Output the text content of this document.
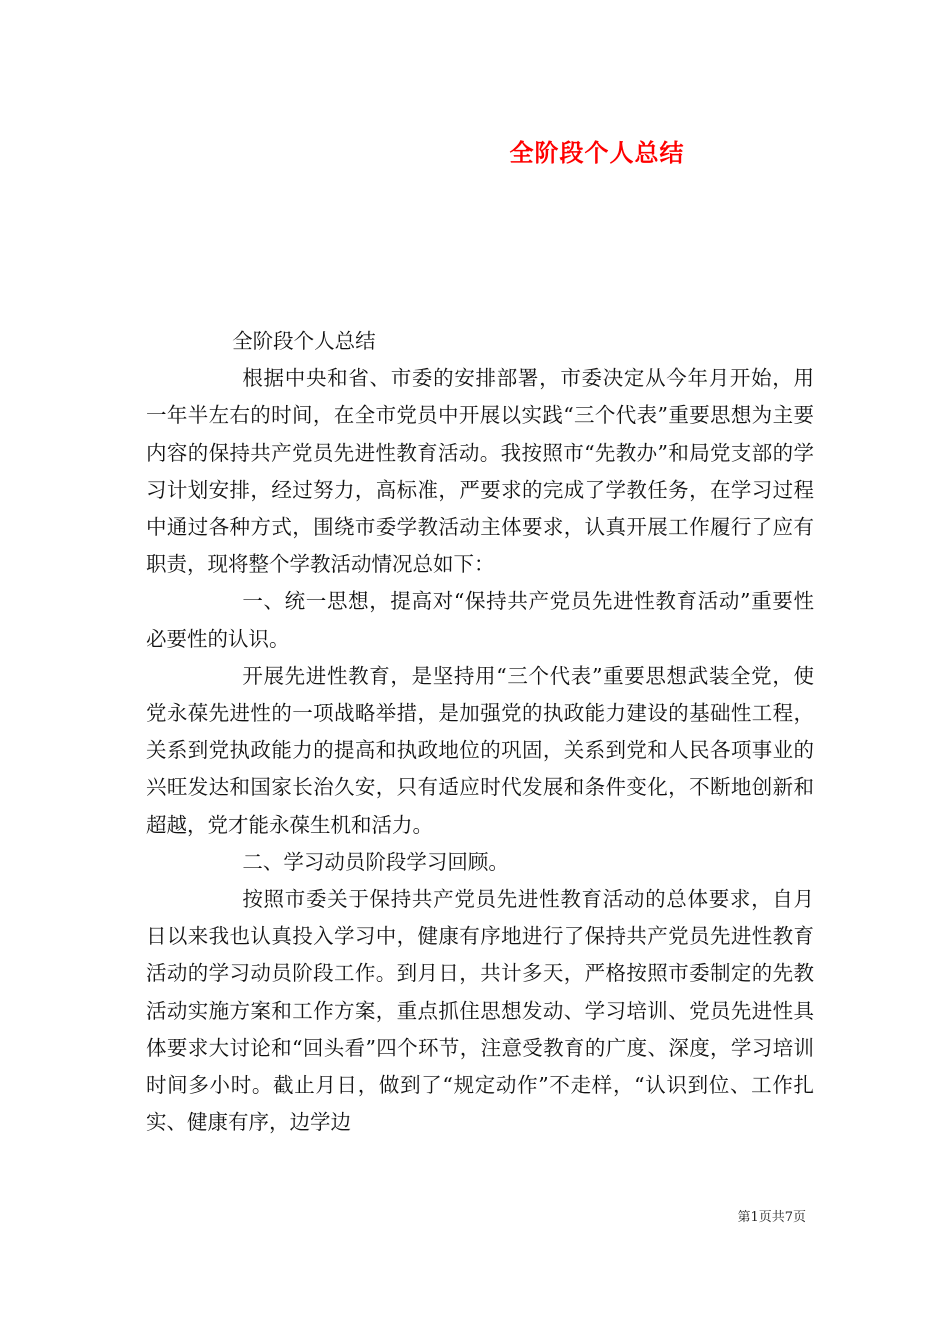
全阶段个人总结

全阶段个人总结

根据中央和省、市委的安排部署，市委决定从今年月开始，用一年半左右的时间，在全市党员中开展以实践“三个代表”重要思想为主要内容的保持共产党员先进性教育活动。我按照市“先教办”和局党支部的学习计划安排，经过努力，高标准，严要求的完成了学教任务，在学习过程中通过各种方式，围绕市委学教活动主体要求，认真开展工作履行了应有职责，现将整个学教活动情况总如下：

一、统一思想，提高对“保持共产党员先进性教育活动”重要性必要性的认识。

开展先进性教育，是坚持用“三个代表”重要思想武装全党，使党永葆先进性的一项战略举措，是加强党的执政能力建设的基础性工程，关系到党执政能力的提高和执政地位的巩固，关系到党和人民各项事业的兴旺发达和国家长治久安，只有适应时代发展和条件变化，不断地创新和超越，党才能永葆生机和活力。

二、学习动员阶段学习回顾。

按照市委关于保持共产党员先进性教育活动的总体要求，自月日以来我也认真投入学习中，健康有序地进行了保持共产党员先进性教育活动的学习动员阶段工作。到月日，共计多天，严格按照市委制定的先教活动实施方案和工作方案，重点抓住思想发动、学习培训、党员先进性具体要求大讨论和“回头看”四个环节，注意受教育的广度、深度，学习培训时间多小时。截止月日，做到了“规定动作”不走样，“认识到位、工作扎实、健康有序，边学边

第1页共7页
